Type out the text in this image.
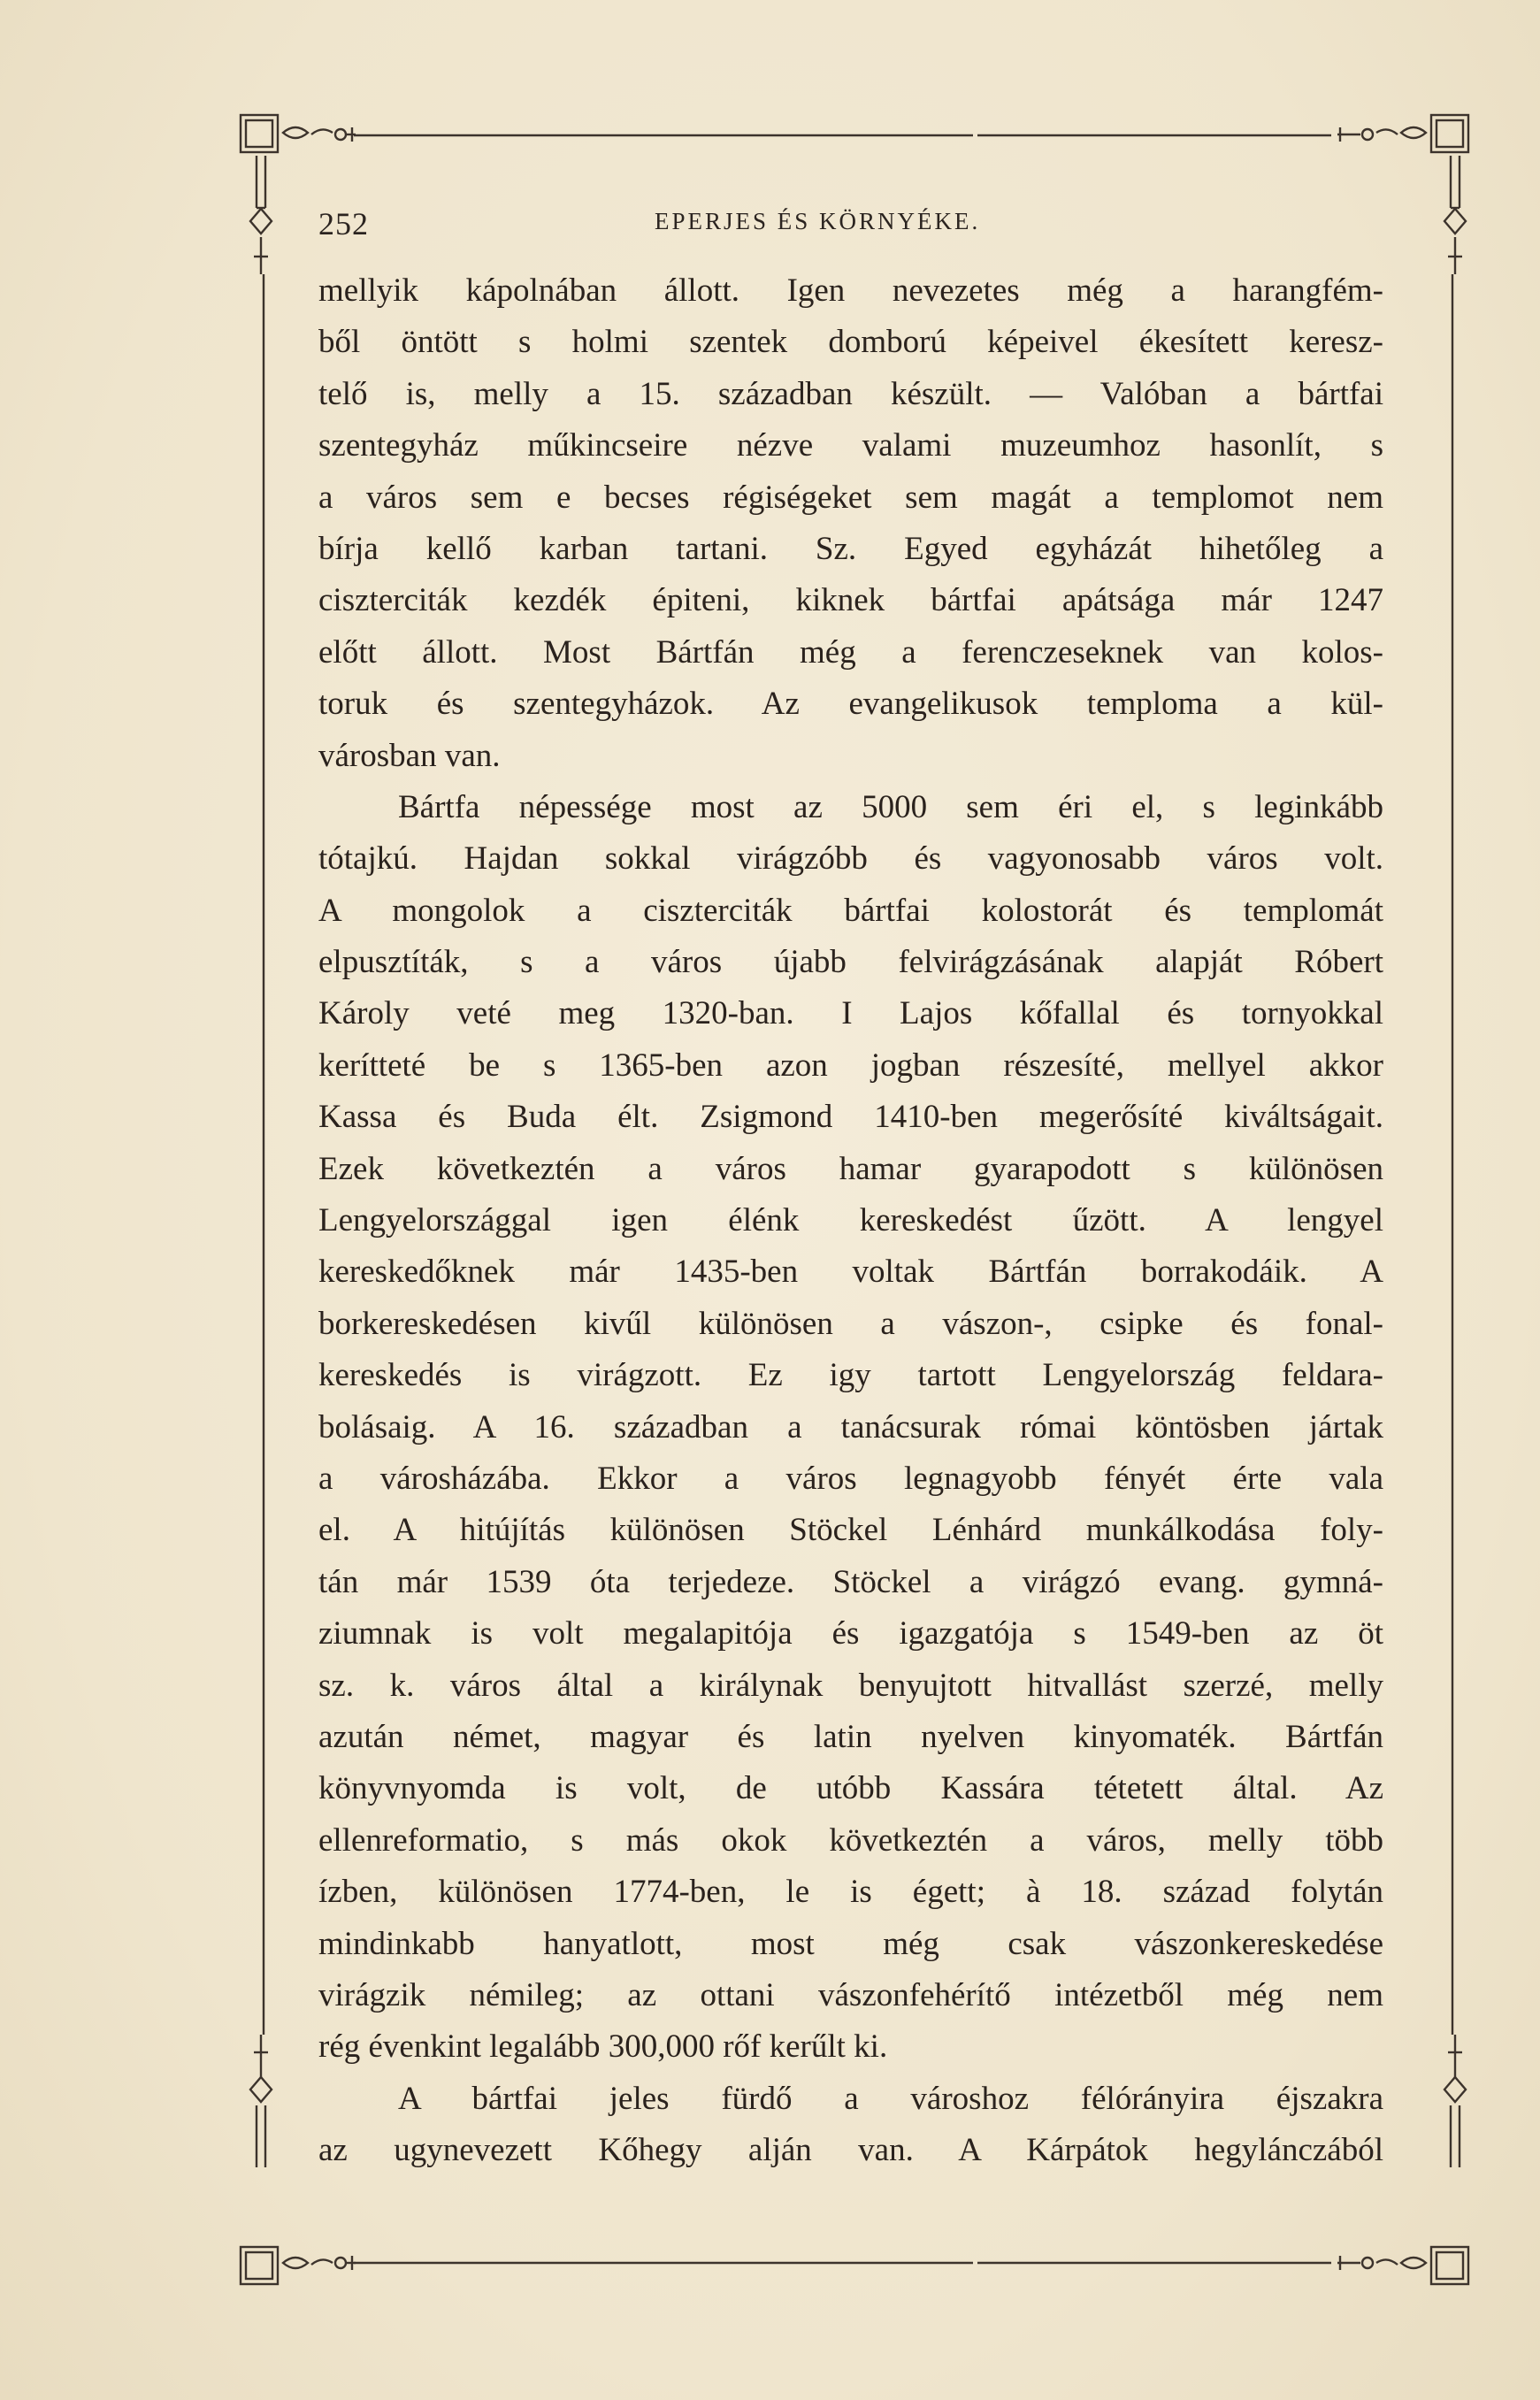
252	EPERJES ÉS KÖRNYÉKE.
mellyik kápolnában állott. Igen nevezetes még a harangfém-
ből öntött s holmi szentek domború képeivel ékesített keresz-
telő is, melly a 15. században készült. — Valóban a bártfai
szentegyház műkincseire nézve valami muzeumhoz hasonlít, s
a város sem e becses régiségeket sem magát a templomot nem
bírja kellő karban tartani. Sz. Egyed egyházát hihetőleg a
ciszterciták kezdék épiteni, kiknek bártfai apátsága már 1247
előtt állott. Most Bártfán még a ferenczeseknek van kolos-
toruk és szentegyházok. Az evangelikusok temploma a kül-
városban van.
Bártfa népessége most az 5000 sem éri el, s leginkább
tótajkú. Hajdan sokkal virágzóbb és vagyonosabb város volt.
A mongolok a ciszterciták bártfai kolostorát és templomát
elpusztíták, s a város újabb felvirágzásának alapját Róbert
Károly veté meg 1320-ban. I Lajos kőfallal és tornyokkal
kerítteté be s 1365-ben azon jogban részesíté, mellyel akkor
Kassa és Buda élt. Zsigmond 1410-ben megerősíté kiváltságait.
Ezek következtén a város hamar gyarapodott s különösen
Lengyelországgal igen élénk kereskedést űzött. A lengyel
kereskedőknek már 1435-ben voltak Bártfán borrakodáik. A
borkereskedésen kivűl különösen a vászon-, csipke és fonal-
kereskedés is virágzott. Ez igy tartott Lengyelország feldara-
bolásaig. A 16. században a tanácsurak római köntösben jártak
a városházába. Ekkor a város legnagyobb fényét érte vala
el. A hitújítás különösen Stöckel Lénhárd munkálkodása foly-
tán már 1539 óta terjedeze. Stöckel a virágzó evang. gymná-
ziumnak is volt megalapitója és igazgatója s 1549-ben az öt
sz. k. város által a királynak benyujtott hitvallást szerzé, melly
azután német, magyar és latin nyelven kinyomaték. Bártfán
könyvnyomda is volt, de utóbb Kassára tétetett által. Az
ellenreformatio, s más okok következtén a város, melly több
ízben, különösen 1774-ben, le is égett; à 18. század folytán
mindinkabb hanyatlott, most még csak vászonkereskedése
virágzik némileg; az ottani vászonfehérítő intézetből még nem
rég évenkint legalább 300,000 rőf kerűlt ki.
A bártfai jeles fürdő a városhoz félórányira éjszakra
az ugynevezett Kőhegy alján van. A Kárpátok hegylánczából
